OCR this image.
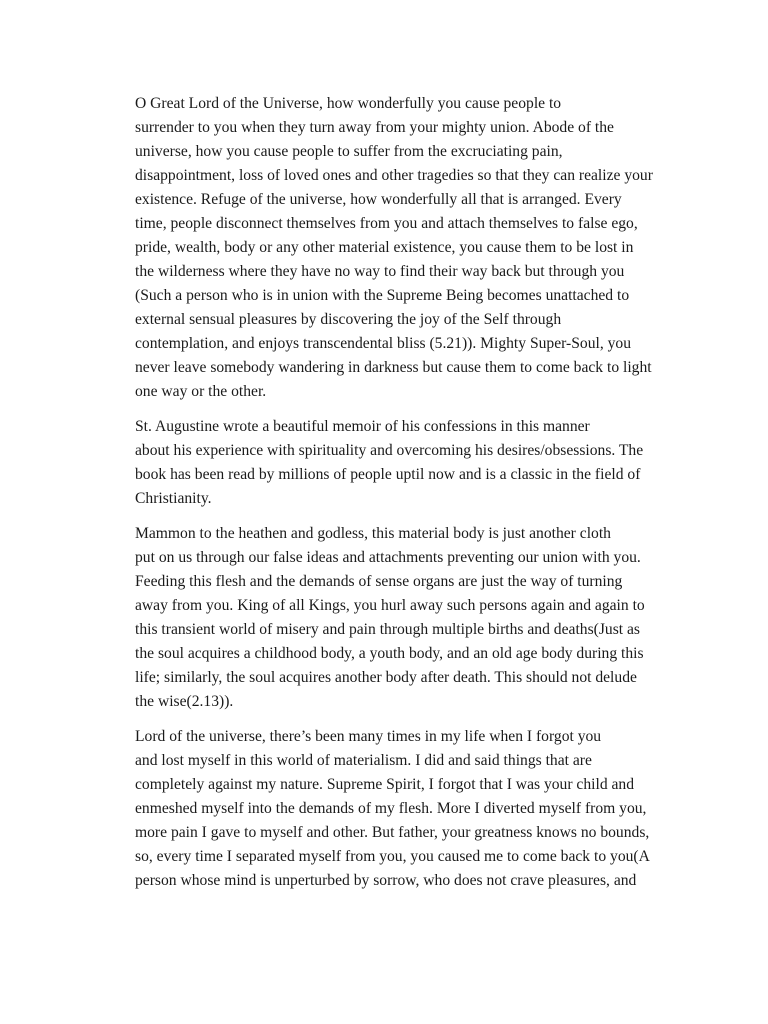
O Great Lord of the Universe, how wonderfully you cause people to
surrender to you when they turn away from your mighty union. Abode of the
universe, how you cause people to suffer from the excruciating pain,
disappointment, loss of loved ones and other tragedies so that they can realize your
existence. Refuge of the universe, how wonderfully all that is arranged. Every
time, people disconnect themselves from you and attach themselves to false ego,
pride, wealth, body or any other material existence, you cause them to be lost in
the wilderness where they have no way to find their way back but through you
(Such a person who is in union with the Supreme Being becomes unattached to
external sensual pleasures by discovering the joy of the Self through
contemplation, and enjoys transcendental bliss (5.21)). Mighty Super-Soul, you
never leave somebody wandering in darkness but cause them to come back to light
one way or the other.

St. Augustine wrote a beautiful memoir of his confessions in this manner
about his experience with spirituality and overcoming his desires/obsessions. The
book has been read by millions of people uptil now and is a classic in the field of
Christianity.

Mammon to the heathen and godless, this material body is just another cloth
put on us through our false ideas and attachments preventing our union with you.
Feeding this flesh and the demands of sense organs are just the way of turning
away from you. King of all Kings, you hurl away such persons again and again to
this transient world of misery and pain through multiple births and deaths(Just as
the soul acquires a childhood body, a youth body, and an old age body during this
life; similarly, the soul acquires another body after death. This should not delude
the wise(2.13)).

Lord of the universe, there’s been many times in my life when I forgot you
and lost myself in this world of materialism. I did and said things that are
completely against my nature. Supreme Spirit, I forgot that I was your child and
enmeshed myself into the demands of my flesh. More I diverted myself from you,
more pain I gave to myself and other. But father, your greatness knows no bounds,
so, every time I separated myself from you, you caused me to come back to you(A
person whose mind is unperturbed by sorrow, who does not crave pleasures, and
